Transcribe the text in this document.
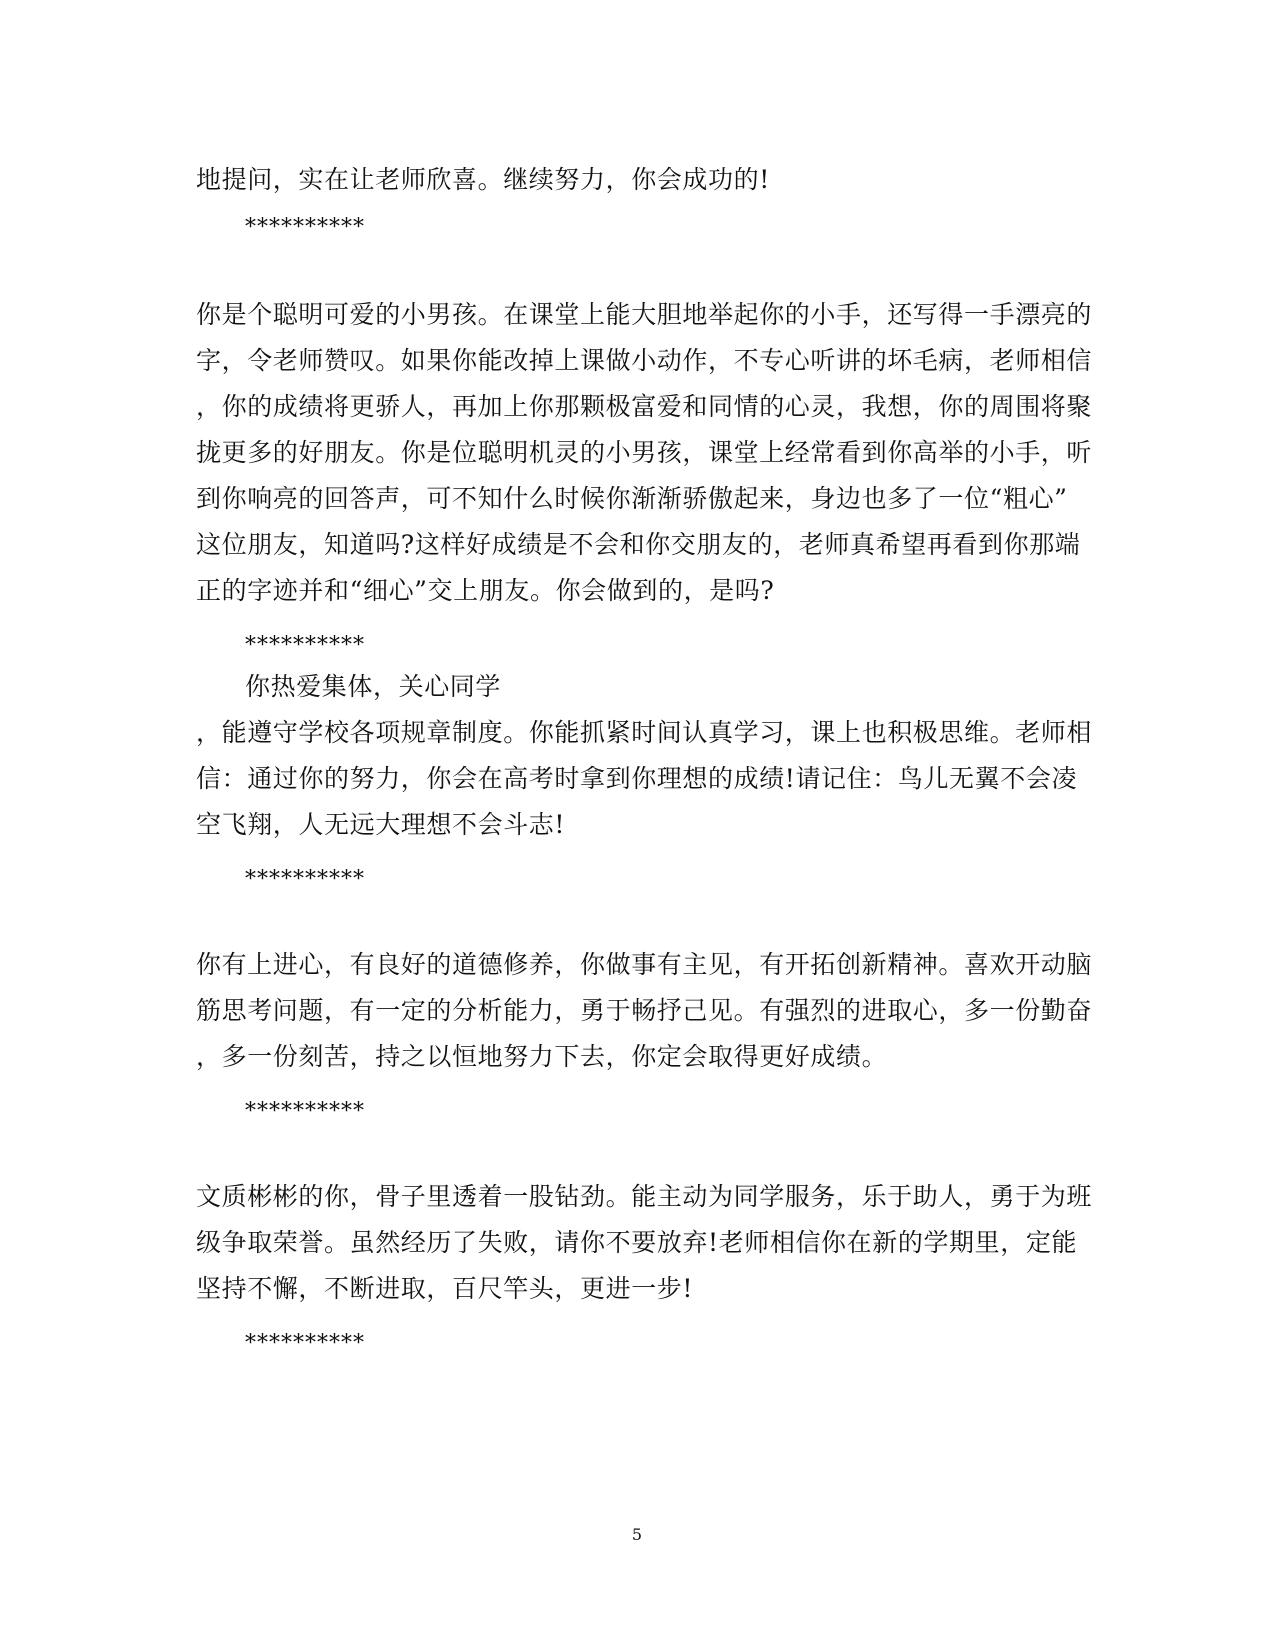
地提问，实在让老师欣喜。继续努力，你会成功的!
**********
你是个聪明可爱的小男孩。在课堂上能大胆地举起你的小手，还写得一手漂亮的
字，令老师赞叹。如果你能改掉上课做小动作，不专心听讲的坏毛病，老师相信
，你的成绩将更骄人，再加上你那颗极富爱和同情的心灵，我想，你的周围将聚
拢更多的好朋友。你是位聪明机灵的小男孩，课堂上经常看到你高举的小手，听
到你响亮的回答声，可不知什么时候你渐渐骄傲起来，身边也多了一位“粗心”
这位朋友，知道吗?这样好成绩是不会和你交朋友的，老师真希望再看到你那端
正的字迹并和“细心”交上朋友。你会做到的，是吗?
**********
你热爱集体，关心同学
，能遵守学校各项规章制度。你能抓紧时间认真学习，课上也积极思维。老师相
信：通过你的努力，你会在高考时拿到你理想的成绩!请记住：鸟儿无翼不会凌
空飞翔，人无远大理想不会斗志!
**********
你有上进心，有良好的道德修养，你做事有主见，有开拓创新精神。喜欢开动脑
筋思考问题，有一定的分析能力，勇于畅抒己见。有强烈的进取心，多一份勤奋
，多一份刻苦，持之以恒地努力下去，你定会取得更好成绩。
**********
文质彬彬的你，骨子里透着一股钻劲。能主动为同学服务，乐于助人，勇于为班
级争取荣誉。虽然经历了失败，请你不要放弃!老师相信你在新的学期里，定能
坚持不懈，不断进取，百尺竿头，更进一步!
**********
5
